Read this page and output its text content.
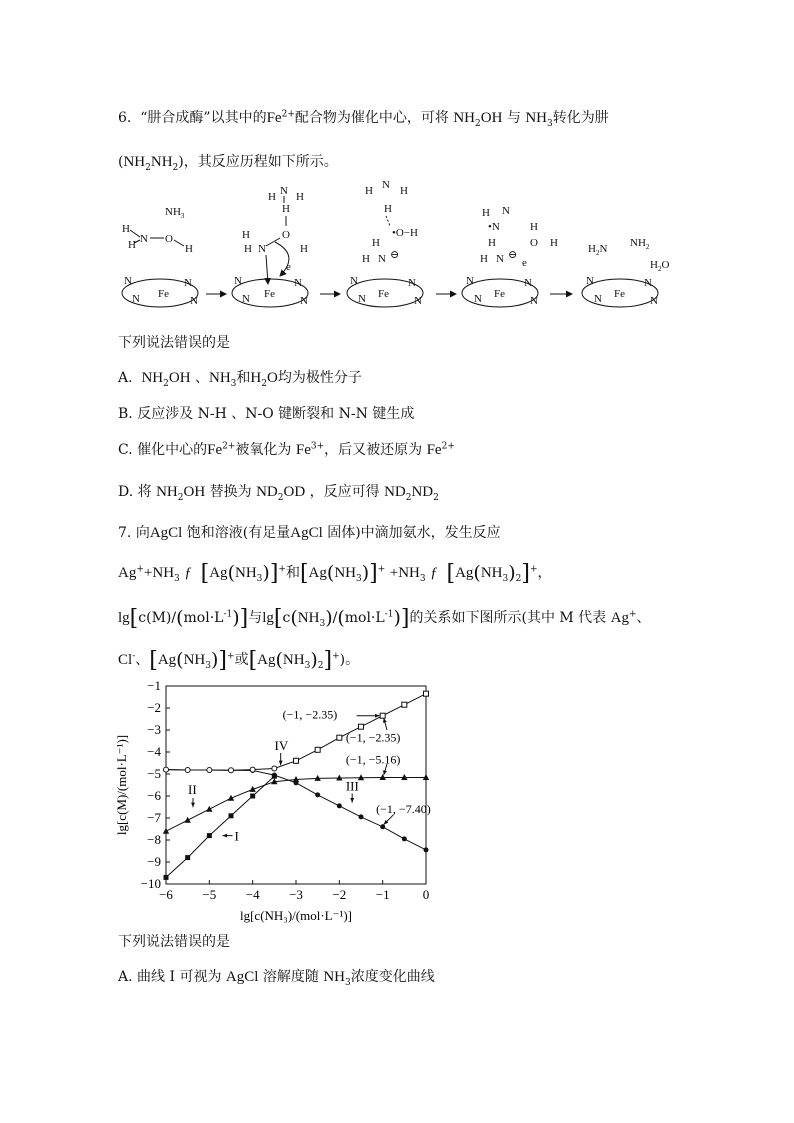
6. “肼合成酶”以其中的$Fe^{2+}$配合物为催化中心，可将 $NH_2OH$ 与 $NH_3$转化为肼
$(NH_2NH_2)$，其反应历程如下所示。
$NH_3$
H
H N O
H
N
N Fe
N
N
H N H
H
O
H
H
H N
e
N
N Fe
N
N
H N H
H
•O−H
H
H N ⊖
N
N Fe
N
N
H N
•N
H
H N ⊖
H
O H
e
N
N Fe
N
N
$H_2N$ $NH_2$
$H_2O$
N
N Fe
N
N
下列说法错误的是
A. $NH_2OH$ 、$NH_3$和$H_2O$均为极性分子
B. 反应涉及 N-H 、N-O 键断裂和 N-N 键生成
C. 催化中心的$Fe^{2+}$被氧化为 $Fe^{3+}$，后又被还原为 $Fe^{2+}$
D. 将 $NH_2OH$ 替换为 $ND_2OD$ ，反应可得 $ND_2ND_2$
7. 向AgCl 饱和溶液(有足量AgCl 固体)中滴加氨水，发生反应
$Ag^++NH_3$ ƒ $[Ag(NH_3)]^+$和$[Ag(NH_3)]^+ +NH_3$ ƒ $[Ag(NH_3)_2]^+$，
$\lg[c(M)/(mol\cdot L^{-1})]$与$\lg[c(NH_3)/(mol\cdot L^{-1})]$的关系如下图所示(其中 M 代表 Ag+、
Cl-、$[Ag(NH_3)]^+$或$[Ag(NH_3)_2]^+$)。
−6 −5 −4 −3 −2 −1	0
−1
−2
−3
−4
−5
−6
−7
−8
−9
−10
lg[c(NH₃)/(mol·L⁻¹)]
lg[c(M)/(mol·L⁻¹)]
I
II	III
IV
(−1, −2.35)
(−1, −2.35)
(−1, −5.16)
(−1, −7.40)
下列说法错误的是
A. 曲线 I 可视为 AgCl 溶解度随 $NH_3$浓度变化曲线
